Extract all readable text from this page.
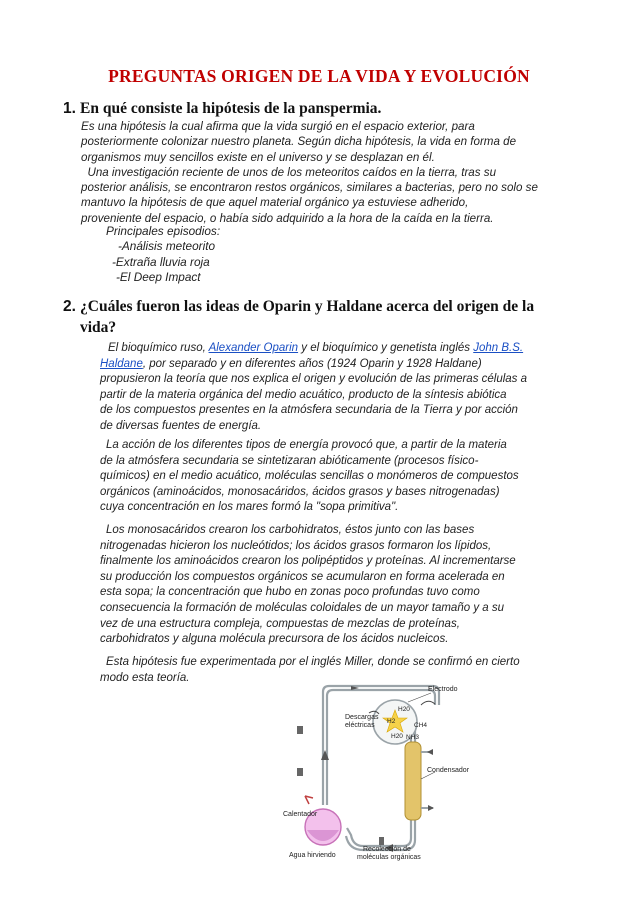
PREGUNTAS ORIGEN DE LA VIDA Y EVOLUCIÓN
1. En qué consiste la hipótesis de la panspermia.

Es una hipótesis la cual afirma que la vida surgió en el espacio exterior, para

posteriormente colonizar nuestro planeta. Según dicha hipótesis, la vida en forma de

organismos muy sencillos existe en el universo y se desplazan en él.

Una investigación reciente de unos de los meteoritos caídos en la tierra, tras su

posterior análisis, se encontraron restos orgánicos, similares a bacterias, pero no solo se

mantuvo la hipótesis de que aquel material orgánico ya estuviese adherido,

proveniente del espacio, o había sido adquirido a la hora de la caída en la tierra.

Principales episodios:
-Análisis meteorito
-Extraña lluvia roja
-El Deep Impact
2. ¿Cuáles fueron las ideas de Oparin y Haldane acerca del origen de la
vida?
El bioquímico ruso, Alexander Oparin y el bioquímico y genetista inglés John B.S.
Haldane, por separado y en diferentes años (1924 Oparin y 1928 Haldane)
propusieron la teoría que nos explica el origen y evolución de las primeras células a
partir de la materia orgánica del medio acuático, producto de la síntesis abiótica
de los compuestos presentes en la atmósfera secundaria de la Tierra y por acción
de diversas fuentes de energía.
La acción de los diferentes tipos de energía provocó que, a partir de la materia
de la atmósfera secundaria se sintetizaran abióticamente (procesos físico-
químicos) en el medio acuático, moléculas sencillas o monómeros de compuestos
orgánicos (aminoácidos, monosacáridos, ácidos grasos y bases nitrogenadas)
cuya concentración en los mares formó la "sopa primitiva".
Los monosacáridos crearon los carbohidratos, éstos junto con las bases
nitrogenadas hicieron los nucleótidos; los ácidos grasos formaron los lípidos,
finalmente los aminoácidos crearon los polipéptidos y proteínas. Al incrementarse
su producción los compuestos orgánicos se acumularon en forma acelerada en
esta sopa; la concentración que hubo en zonas poco profundas tuvo como
consecuencia la formación de moléculas coloidales de un mayor tamaño y a su
vez de una estructura compleja, compuestas de mezclas de proteínas,
carbohidratos y alguna molécula precursora de los ácidos nucleicos.
Esta hipótesis fue experimentada por el inglés Miller, donde se confirmó en cierto
modo esta teoría.
Electrodo
Descargas
eléctricas
H20
H2
CH4
H20 NH3
Condensador
Calentador
Agua hirviendo
Recolección de
moléculas orgánicas
